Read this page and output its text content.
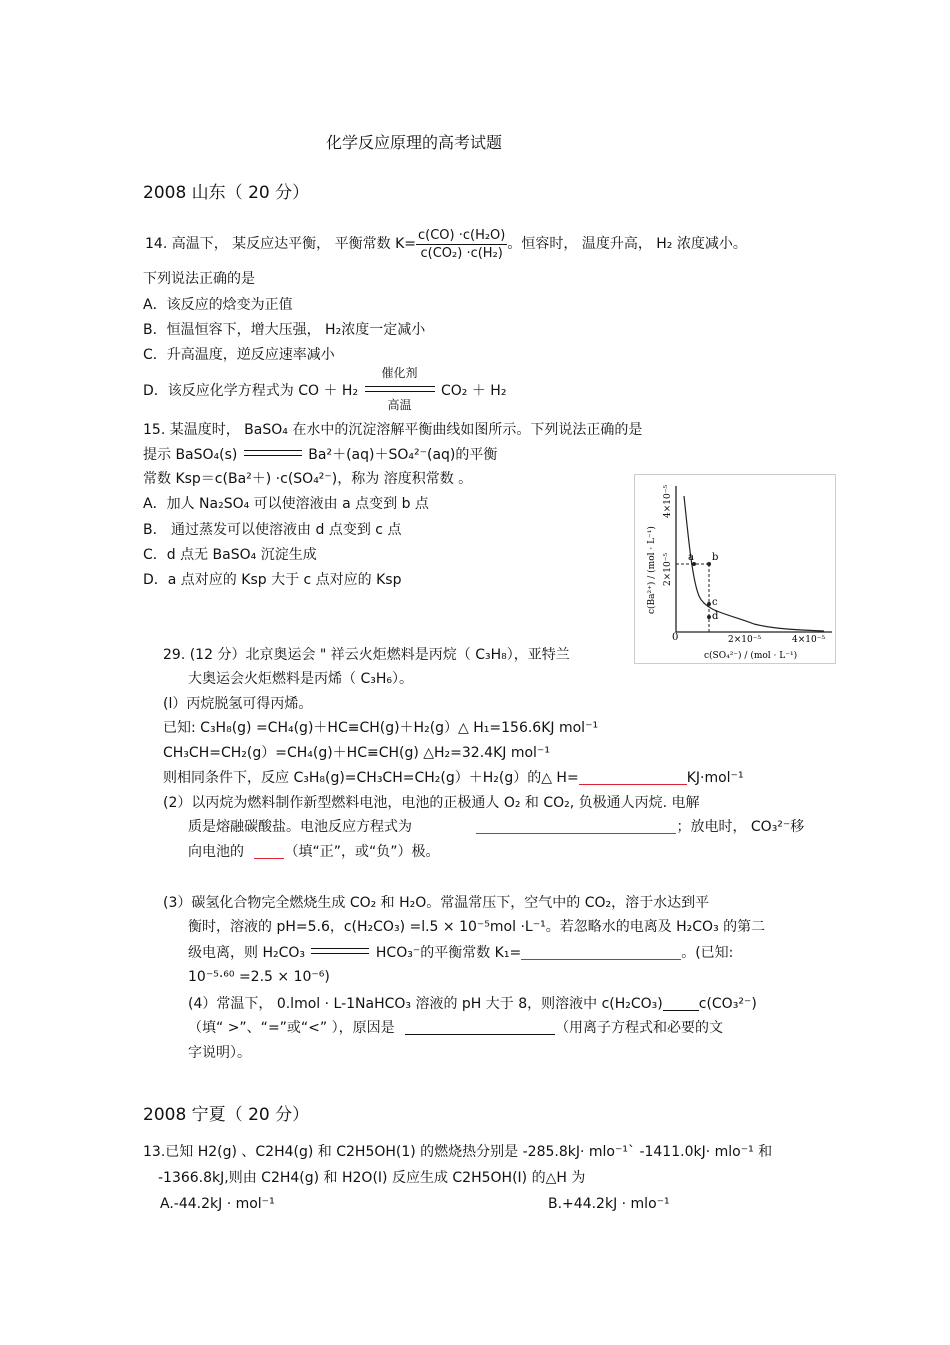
化学反应原理的高考试题
2008 山东（ 20 分）
14. 高温下， 某反应达平衡， 平衡常数 $K= \frac{\text{c(CO) ·c(H₂O)}}{\text{c(CO₂) ·c(H₂)}}$ 。恒容时， 温度升高， H₂ 浓度减小。
下列说法正确的是
A．该反应的焓变为正值
B．恒温恒容下，增大压强， H₂浓度一定减小
C．升高温度，逆反应速率减小
D．该反应化学方程式为 CO ＋ H₂
催化剂
高温
CO₂ ＋ H₂
15. 某温度时， BaSO₄ 在水中的沉淀溶解平衡曲线如图所示。下列说法正确的是
提示 BaSO₄(s)	Ba²＋(aq)＋SO₄²⁻(aq)的平衡
常数 Ksp＝c(Ba²＋) ·c(SO₄²⁻)，称为 溶度积常数 。
A．加人 Na₂SO₄ 可以使溶液由 a 点变到 b 点
B． 通过蒸发可以使溶液由 d 点变到 c 点
C．d 点无 BaSO₄ 沉淀生成
D．a 点对应的 Ksp 大于 c 点对应的 Ksp
a b
c
d
0	2×10⁻⁵	4×10⁻⁵
2×10⁻⁵
4×10⁻⁵
c(Ba²⁺) / (mol · L⁻¹)
c(SO₄²⁻) / (mol · L⁻¹)
29. (12 分）北京奥运会 " 祥云火炬燃料是丙烷（ C₃H₈），亚特兰
大奥运会火炬燃料是丙烯（ C₃H₆）。
(l）丙烷脱氢可得丙烯。
已知: C₃H₈(g) =CH₄(g)＋HC≡CH(g)＋H₂(g）△ H₁=156.6KJ mol⁻¹
CH₃CH=CH₂(g）=CH₄(g)＋HC≡CH(g) △H₂=32.4KJ mol⁻¹
则相同条件下，反应 C₃H₈(g)=CH₃CH=CH₂(g）＋H₂(g）的△ H=	KJ·mol⁻¹
(2）以丙烷为燃料制作新型燃料电池，电池的正极通人 O₂ 和 CO₂, 负极通人丙烷. 电解
质是熔融碳酸盐。电池反应方程式为	；放电时， CO₃²⁻移
向电池的	（填“正”，或“负”）极。
(3）碳氢化合物完全燃烧生成 CO₂ 和 H₂O。常温常压下，空气中的 CO₂，溶于水达到平
衡时，溶液的 pH=5.6，c(H₂CO₃) =l.5 × 10⁻⁵mol ·L⁻¹。若忽略水的电离及 H₂CO₃ 的第二
级电离，则 H₂CO₃	HCO₃⁻的平衡常数 K₁=	。(已知:
10⁻⁵·⁶⁰ =2.5 × 10⁻⁶)
(4）常温下， 0.lmol · L-1NaHCO₃ 溶液的 pH 大于 8，则溶液中 c(H₂CO₃)	c(CO₃²⁻)
（填“ >”、“=”或“<” ），原因是	（用离子方程式和必要的文
字说明）。
2008 宁夏（ 20 分）
13.已知 H2(g) 、C2H4(g) 和 C2H5OH(1) 的燃烧热分别是 -285.8kJ· mlo⁻¹ˋ -1411.0kJ· mlo⁻¹ 和
-1366.8kJ,则由 C2H4(g) 和 H2O(I) 反应生成 C2H5OH(I) 的△H 为
A.-44.2kJ · mol⁻¹	B.+44.2kJ · mlo⁻¹
